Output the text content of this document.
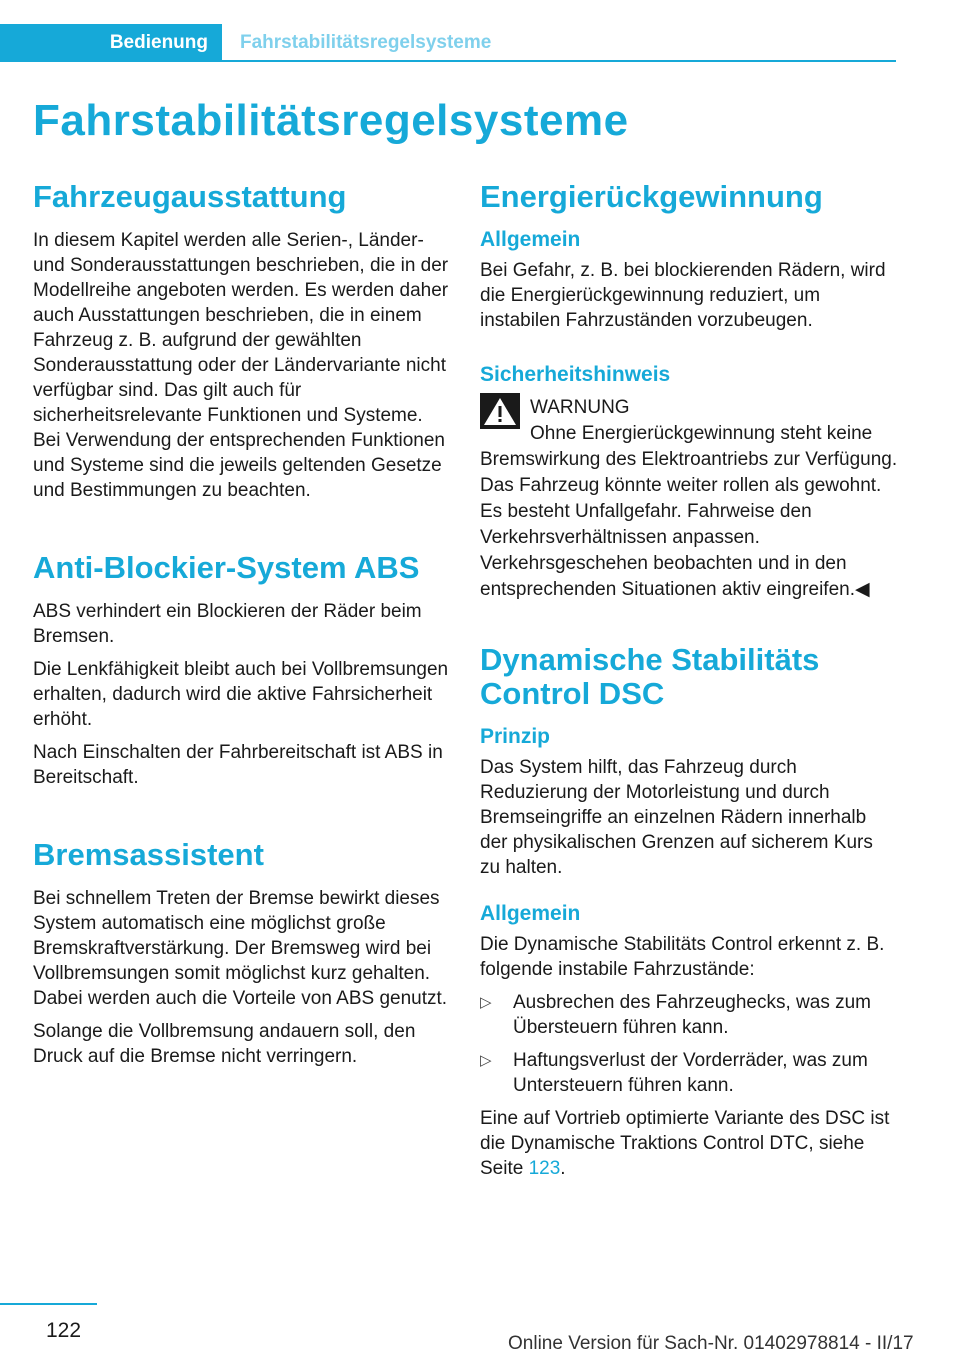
Bedienung	Fahrstabilitätsregelsysteme
Fahrstabilitätsregelsysteme
Fahrzeugausstattung

In diesem Kapitel werden alle Serien-, Länder- und Sonderausstattungen beschrieben, die in der Modellreihe angeboten werden. Es werden daher auch Ausstattungen beschrieben, die in einem Fahrzeug z. B. aufgrund der gewählten Sonderausstattung oder der Ländervariante nicht verfügbar sind. Das gilt auch für sicherheitsrelevante Funktionen und Systeme. Bei Verwendung der entsprechenden Funktionen und Systeme sind die jeweils geltenden Gesetze und Bestimmungen zu beachten.

Anti-Blockier-System ABS

ABS verhindert ein Blockieren der Räder beim Bremsen.

Die Lenkfähigkeit bleibt auch bei Vollbremsungen erhalten, dadurch wird die aktive Fahrsicherheit erhöht.

Nach Einschalten der Fahrbereitschaft ist ABS in Bereitschaft.

Bremsassistent

Bei schnellem Treten der Bremse bewirkt dieses System automatisch eine möglichst große Bremskraftverstärkung. Der Bremsweg wird bei Vollbremsungen somit möglichst kurz gehalten. Dabei werden auch die Vorteile von ABS genutzt.

Solange die Vollbremsung andauern soll, den Druck auf die Bremse nicht verringern.

Energierückgewinnung
Allgemein

Bei Gefahr, z. B. bei blockierenden Rädern, wird die Energierückgewinnung reduziert, um instabilen Fahrzuständen vorzubeugen.

Sicherheitshinweis
WARNUNG

Ohne Energierückgewinnung steht keine
Bremswirkung des Elektroantriebs zur Verfügung. Das Fahrzeug könnte weiter rollen als gewohnt. Es besteht Unfallgefahr. Fahrweise den Verkehrsverhältnissen anpassen. Verkehrsgeschehen beobachten und in den entsprechenden Situationen aktiv eingreifen.◀

Dynamische Stabilitäts Control DSC
Prinzip

Das System hilft, das Fahrzeug durch Reduzierung der Motorleistung und durch Bremseingriffe an einzelnen Rädern innerhalb der physikalischen Grenzen auf sicherem Kurs zu halten.

Allgemein

Die Dynamische Stabilitäts Control erkennt z. B. folgende instabile Fahrzustände:

▷ Ausbrechen des Fahrzeughecks, was zum Übersteuern führen kann.
▷ Haftungsverlust der Vorderräder, was zum Untersteuern führen kann.

Eine auf Vortrieb optimierte Variante des DSC ist die Dynamische Traktions Control DTC, siehe Seite 123.

122
Online Version für Sach-Nr. 01402978814 - II/17
